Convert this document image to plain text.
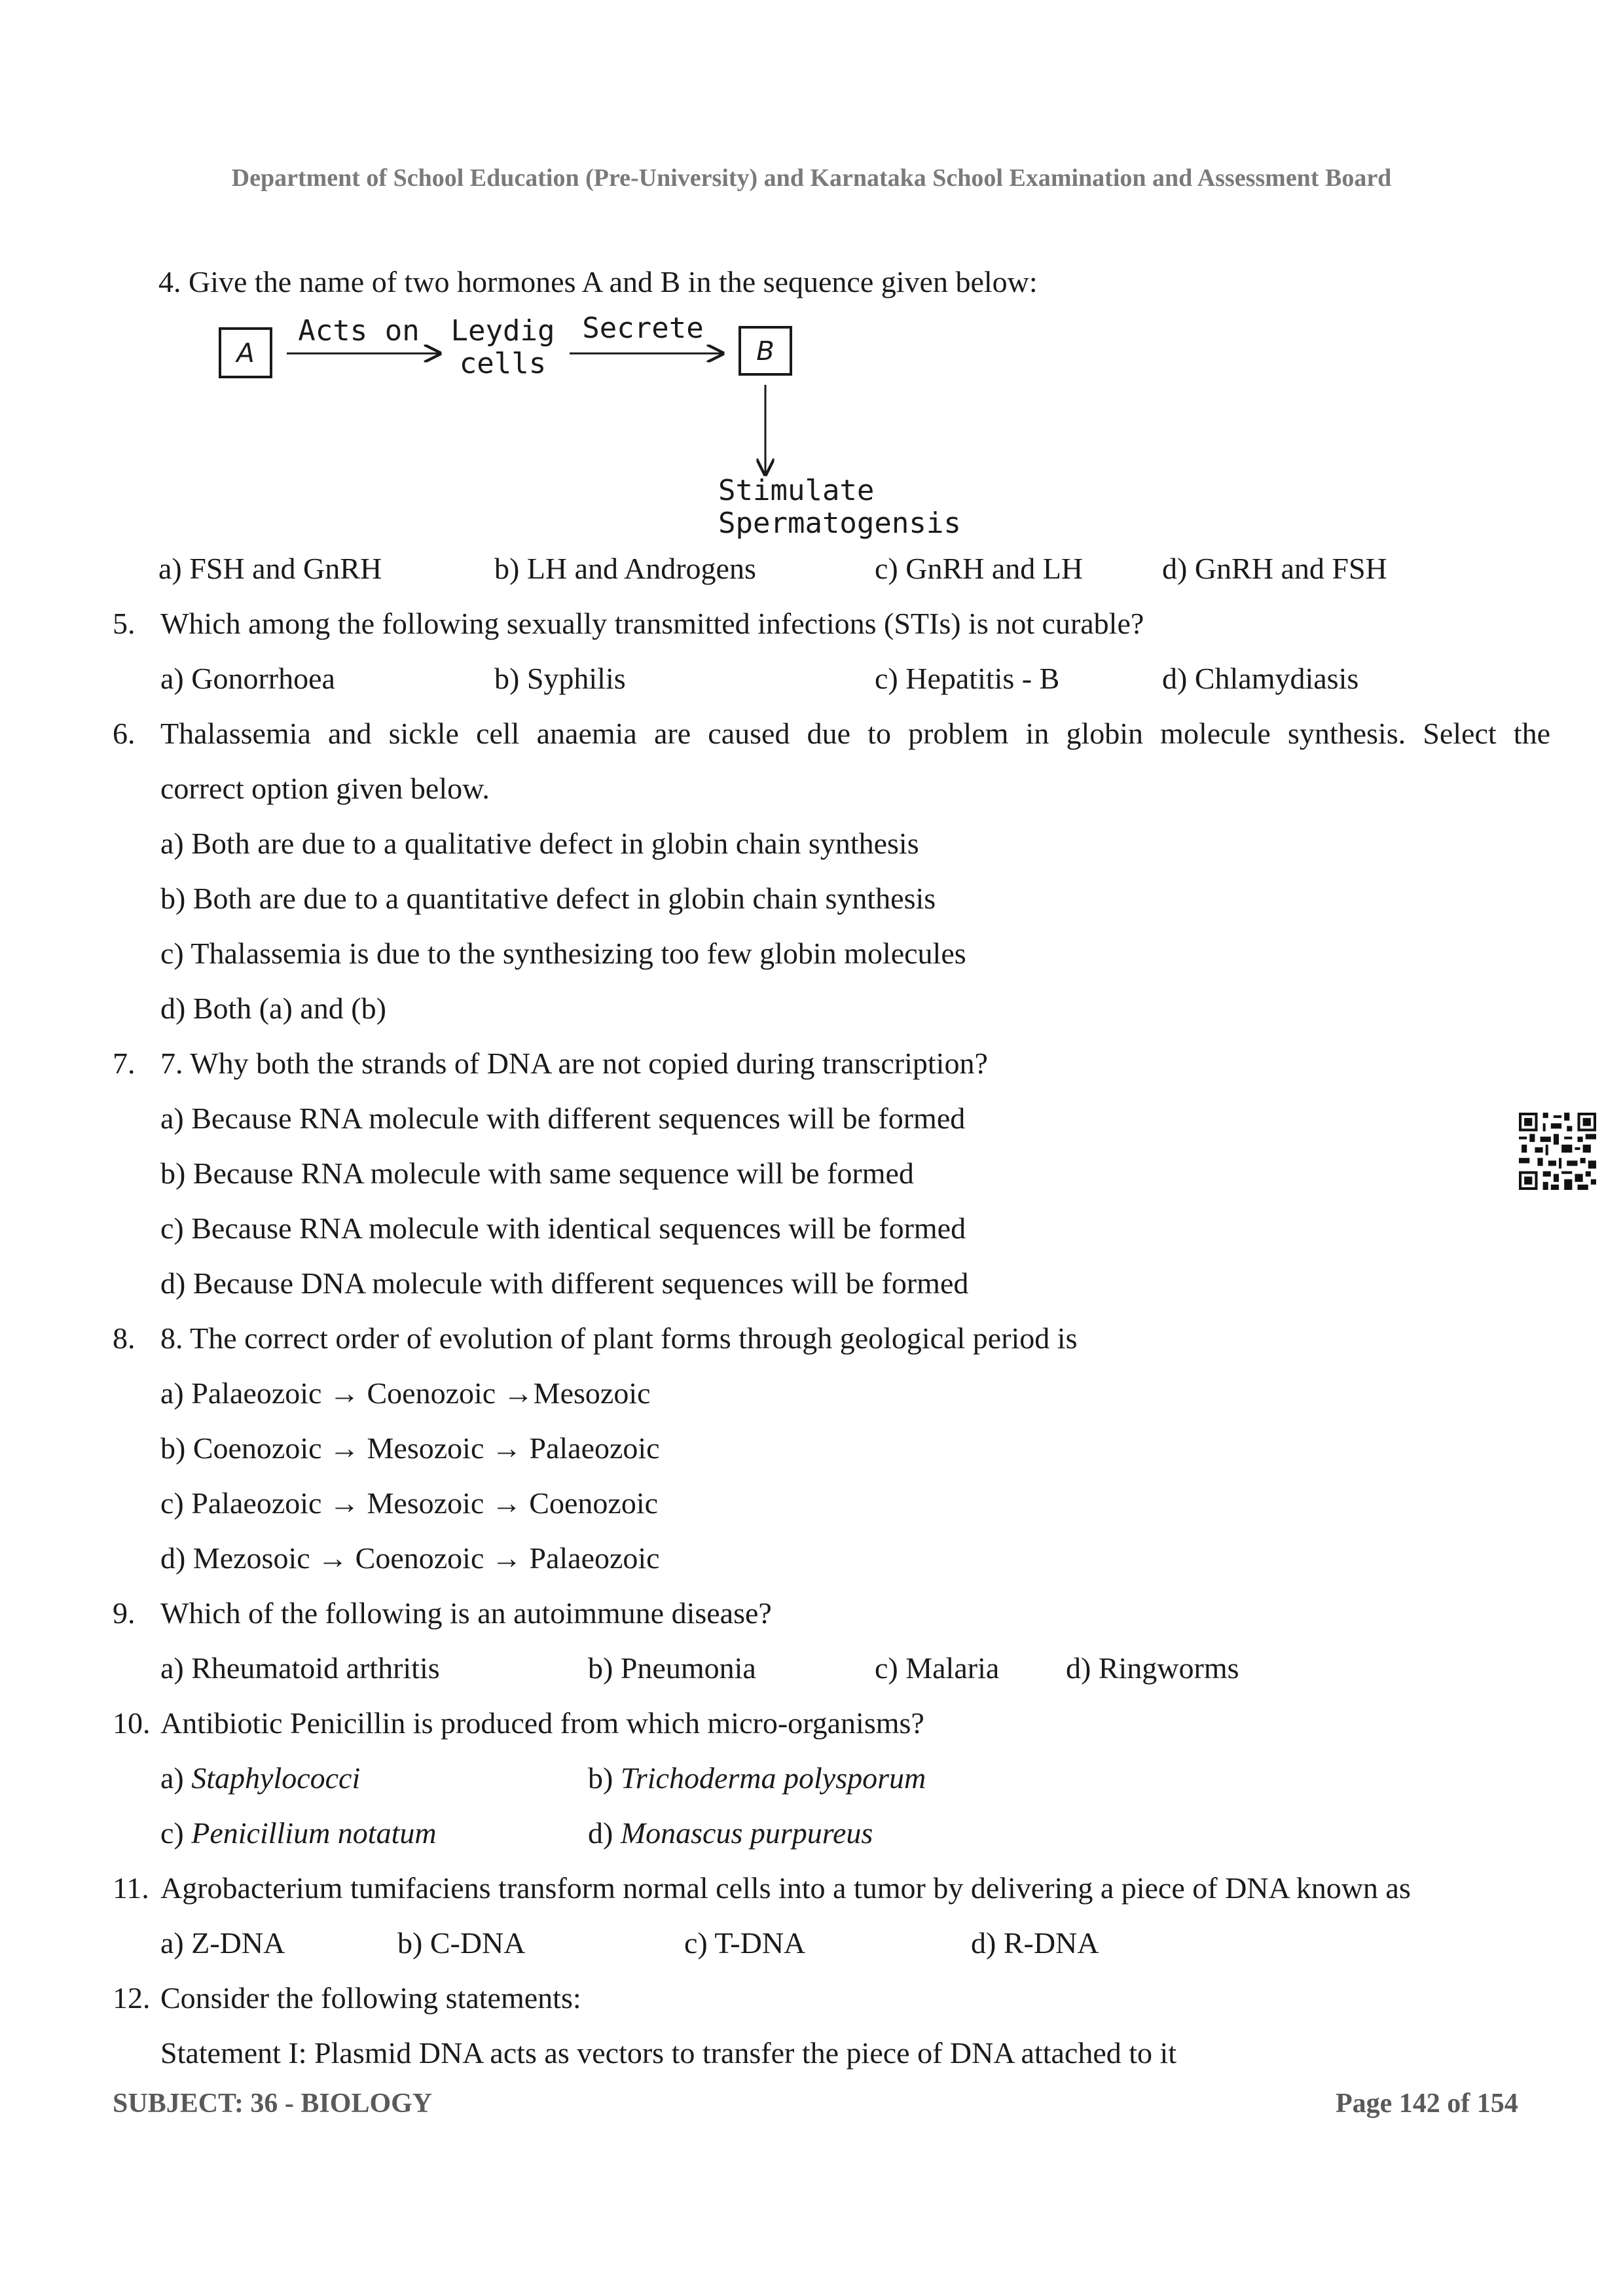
Department of School Education (Pre-University) and Karnataka School Examination and Assessment Board
4. Give the name of two hormones A and B in the sequence given below:
A
Acts on Leydig
cells
Secrete
B
Stimulate
Spermatogensis
a) FSH and GnRH	b) LH and Androgens	c) GnRH and LH	d) GnRH and FSH
5. Which among the following sexually transmitted infections (STIs) is not curable?
a) Gonorrhoea	b) Syphilis	c) Hepatitis - B	d) Chlamydiasis
6. Thalassemia and sickle cell anaemia are caused due to problem in globin molecule synthesis. Select the
correct option given below.
a) Both are due to a qualitative defect in globin chain synthesis
b) Both are due to a quantitative defect in globin chain synthesis
c) Thalassemia is due to the synthesizing too few globin molecules
d) Both (a) and (b)
7. 7. Why both the strands of DNA are not copied during transcription?
a) Because RNA molecule with different sequences will be formed
b) Because RNA molecule with same sequence will be formed
c) Because RNA molecule with identical sequences will be formed
d) Because DNA molecule with different sequences will be formed
8. 8. The correct order of evolution of plant forms through geological period is
a) Palaeozoic → Coenozoic →Mesozoic
b) Coenozoic → Mesozoic → Palaeozoic
c) Palaeozoic → Mesozoic → Coenozoic
d) Mezosoic → Coenozoic → Palaeozoic
9. Which of the following is an autoimmune disease?
a) Rheumatoid arthritis	b) Pneumonia	c) Malaria d) Ringworms
10. Antibiotic Penicillin is produced from which micro-organisms?
a) Staphylococci	b) Trichoderma polysporum
c) Penicillium notatum	d) Monascus purpureus
11. Agrobacterium tumifaciens transform normal cells into a tumor by delivering a piece of DNA known as
a) Z-DNA	b) C-DNA	c) T-DNA	d) R-DNA
12. Consider the following statements:
Statement I: Plasmid DNA acts as vectors to transfer the piece of DNA attached to it
SUBJECT: 36 - BIOLOGY	Page 142 of 154
